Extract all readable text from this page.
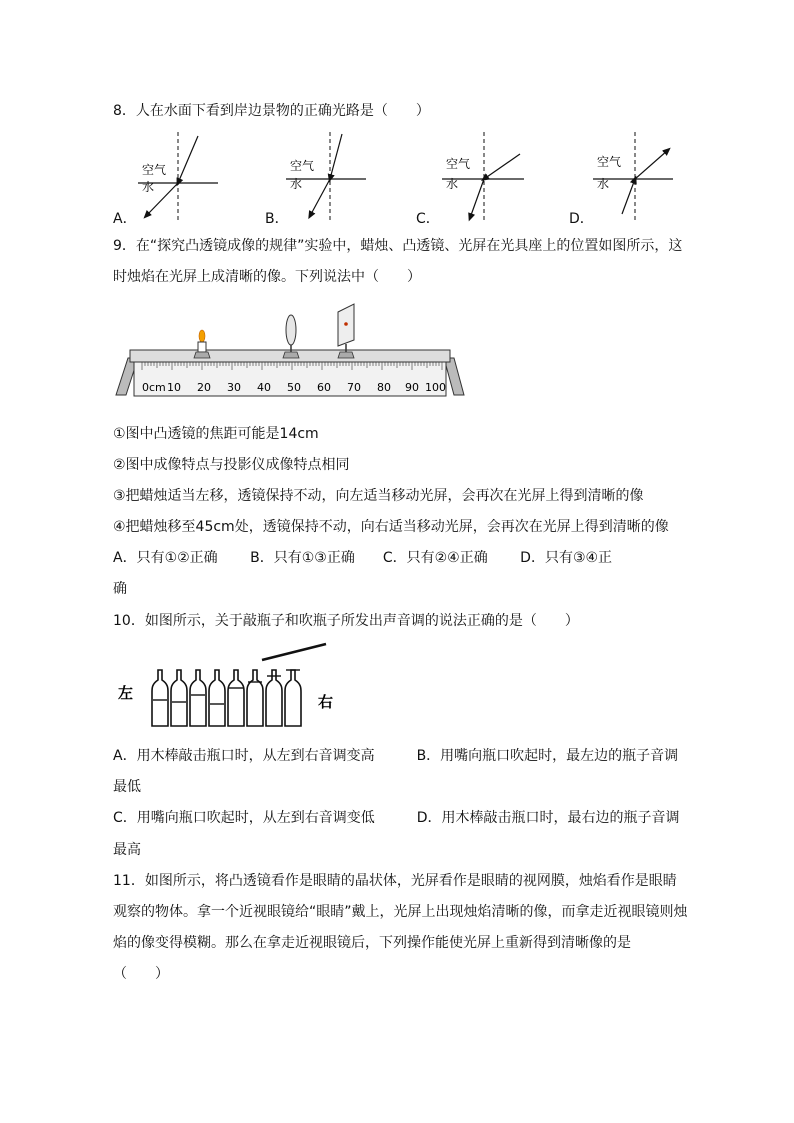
8．人在水面下看到岸边景物的正确光路是（　　）
空气
水
空气
水
空气
水
空气
水
A．	B．	C．	D．
9．在“探究凸透镜成像的规律”实验中，蜡烛、凸透镜、光屏在光具座上的位置如图所示，这
时烛焰在光屏上成清晰的像。下列说法中（　　）
0cm 10 20 30 40 50 60 70 80 90 100
①图中凸透镜的焦距可能是14cm
②图中成像特点与投影仪成像特点相同
③把蜡烛适当左移，透镜保持不动，向左适当移动光屏，会再次在光屏上得到清晰的像
④把蜡烛移至45cm处，透镜保持不动，向右适当移动光屏，会再次在光屏上得到清晰的像
A．只有①②正确　　 B．只有①③正确　　C．只有②④正确　　 D．只有③④正
确
10．如图所示，关于敲瓶子和吹瓶子所发出声音调的说法正确的是（　　）
左	右
A．用木棒敲击瓶口时，从左到右音调变高　　　B．用嘴向瓶口吹起时，最左边的瓶子音调
最低
C．用嘴向瓶口吹起时，从左到右音调变低　　　D．用木棒敲击瓶口时，最右边的瓶子音调
最高
11．如图所示，将凸透镜看作是眼睛的晶状体，光屏看作是眼睛的视网膜，烛焰看作是眼睛
观察的物体。拿一个近视眼镜给“眼睛”戴上，光屏上出现烛焰清晰的像，而拿走近视眼镜则烛
焰的像变得模糊。那么在拿走近视眼镜后，下列操作能使光屏上重新得到清晰像的是
（　　）
